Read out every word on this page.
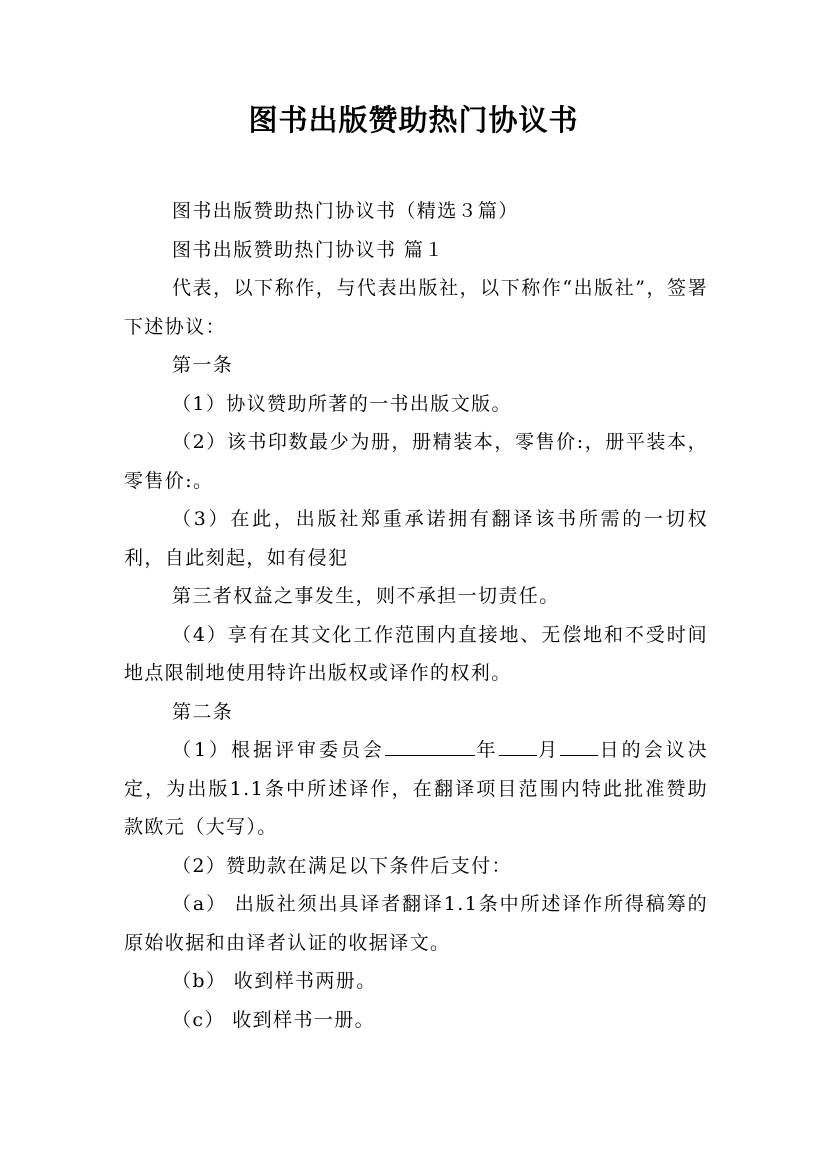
图书出版赞助热门协议书

图书出版赞助热门协议书（精选３篇）

图书出版赞助热门协议书 篇１

代表，以下称作，与代表出版社，以下称作“出版社”，签署下述协议：

第一条

（1）协议赞助所著的一书出版文版。

（2）该书印数最少为册，册精装本，零售价:，册平装本，零售价:。

（3）在此，出版社郑重承诺拥有翻译该书所需的一切权利，自此刻起，如有侵犯

第三者权益之事发生，则不承担一切责任。

（4）享有在其文化工作范围内直接地、无偿地和不受时间地点限制地使用特许出版权或译作的权利。

第二条

（1）根据评审委员会	年 月 日的会议决定，为出版1.1条中所述译作，在翻译项目范围内特此批准赞助款欧元（大写）。

（2）赞助款在满足以下条件后支付：

（a） 出版社须出具译者翻译1.1条中所述译作所得稿筹的原始收据和由译者认证的收据译文。

（b） 收到样书两册。

（c） 收到样书一册。
